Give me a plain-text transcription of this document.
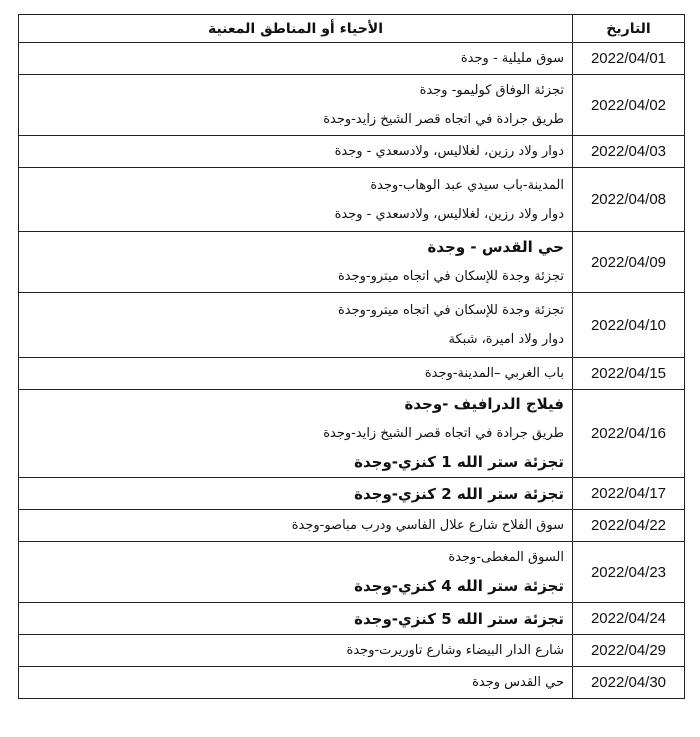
التاريخ	الأحياء أو المناطق المعنية
2022/04/01	سوق مليلية - وجدة

2022/04/02	تجزئة الوفاق كوليمو- وجدة
طريق جرادة في اتجاه قصر الشيخ زايد-وجدة

2022/04/03	دوار ولاد رزين، لغلاليس، ولادسعدي - وجدة

2022/04/08	المدينة-باب سيدي عبد الوهاب-وجدة
دوار ولاد رزين، لغلاليس، ولادسعدي - وجدة

2022/04/09	حي القدس - وجدة
تجزئة وجدة للإسكان في اتجاه ميترو-وجدة

2022/04/10	تجزئة وجدة للإسكان في اتجاه ميترو-وجدة
دوار ولاد اميرة، شبكة

2022/04/15	باب الغربي –المدينة-وجدة

2022/04/16	فيلاج الدرافيف -وجدة
طريق جرادة في اتجاه قصر الشيخ زايد-وجدة
تجزئة ستر الله 1 كنزي-وجدة

2022/04/17	تجزئة ستر الله 2 كنزي-وجدة

2022/04/22	سوق الفلاح شارع علال الفاسي ودرب مباصو-وجدة

2022/04/23	السوق المغطى-وجدة
تجزئة ستر الله 4 كنزي-وجدة

2022/04/24	تجزئة ستر الله 5 كنزي-وجدة

2022/04/29	شارع الدار البيضاء وشارع تاوريرت-وجدة

2022/04/30	حي القدس وجدة
